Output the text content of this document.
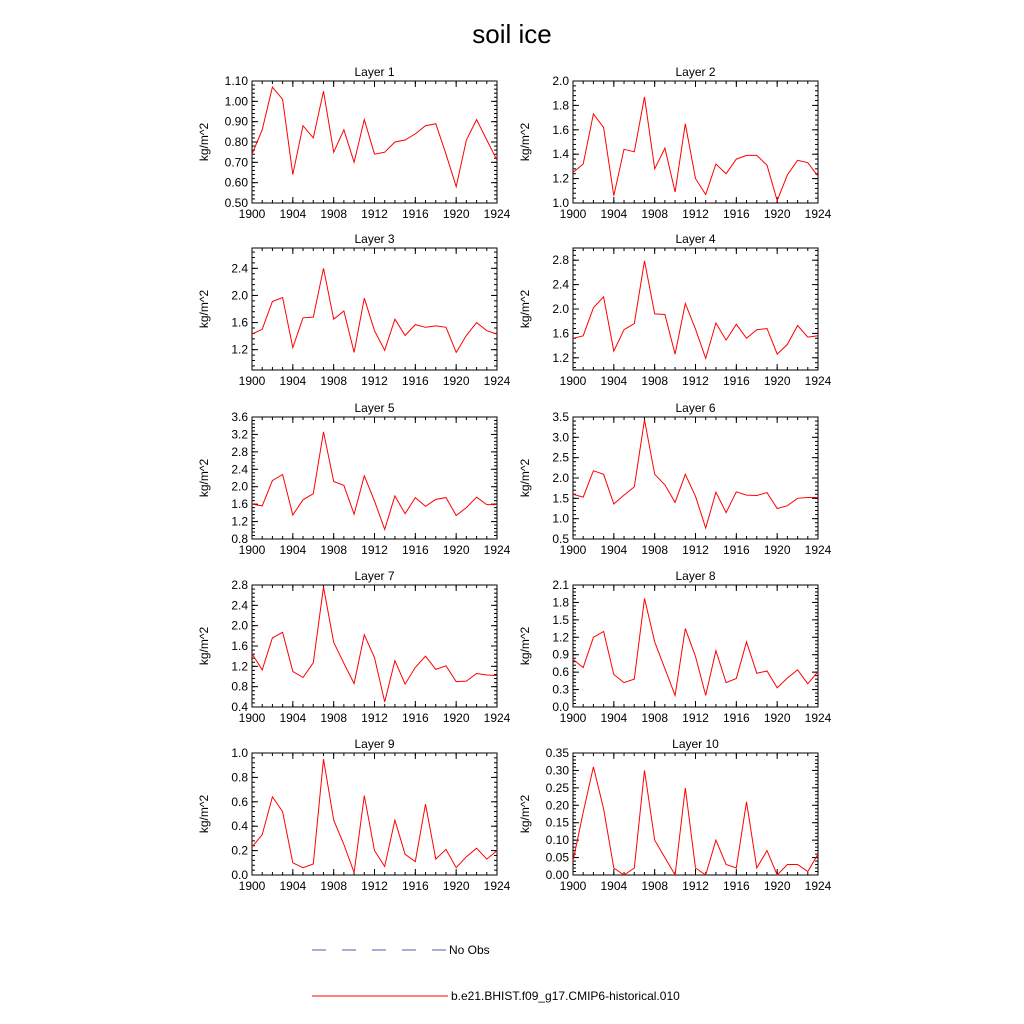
soil ice
Layer 1
1900 1904 1908 1912 1916 1920 1924
0.50
0.60
0.70
0.80
0.90
1.00
1.10
kg/m^2
Layer 2
1900 1904 1908 1912 1916 1920 1924
1.0
1.2
1.4
1.6
1.8
2.0
kg/m^2
Layer 3
1900 1904 1908 1912 1916 1920 1924
1.2
1.6
2.0
2.4
kg/m^2
Layer 4
1900 1904 1908 1912 1916 1920 1924
1.2
1.6
2.0
2.4
2.8
kg/m^2
Layer 5
1900 1904 1908 1912 1916 1920 1924
0.8
1.2
1.6
2.0
2.4
2.8
3.2
3.6
kg/m^2
Layer 6
1900 1904 1908 1912 1916 1920 1924
0.5
1.0
1.5
2.0
2.5
3.0
3.5
kg/m^2
Layer 7
1900 1904 1908 1912 1916 1920 1924
0.4
0.8
1.2
1.6
2.0
2.4
2.8
kg/m^2
Layer 8
1900 1904 1908 1912 1916 1920 1924
0.0
0.3
0.6
0.9
1.2
1.5
1.8
2.1
kg/m^2
Layer 9
1900 1904 1908 1912 1916 1920 1924
0.0
0.2
0.4
0.6
0.8
1.0
kg/m^2
Layer 10
1900 1904 1908 1912 1916 1920 1924
0.00
0.05
0.10
0.15
0.20
0.25
0.30
0.35
kg/m^2
No Obs
b.e21.BHIST.f09_g17.CMIP6-historical.010
